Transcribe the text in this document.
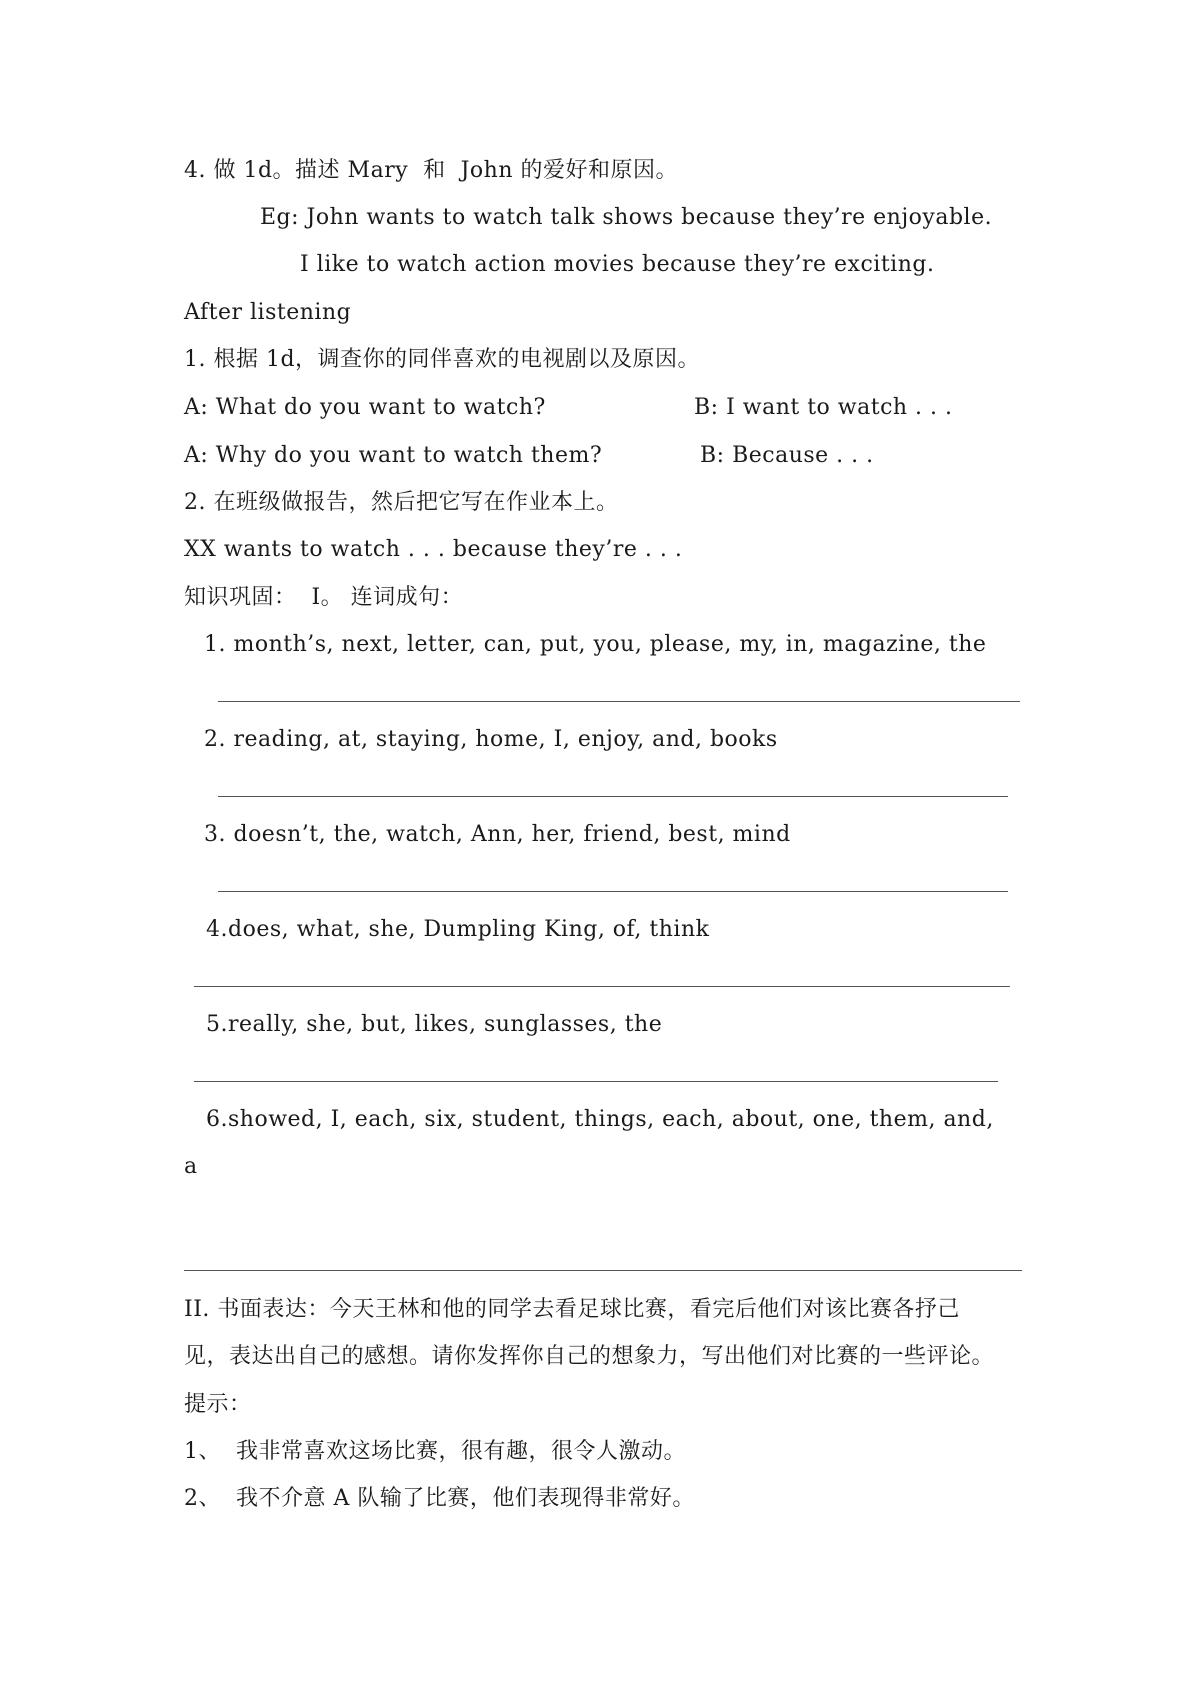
4. 做 1d。描述 Mary  和  John 的爱好和原因。
Eg: John wants to watch talk shows because they’re enjoyable.
I like to watch action movies because they’re exciting.
After listening
1. 根据 1d，调查你的同伴喜欢的电视剧以及原因。
A: What do you want to watch?	B: I want to watch . . .
A: Why do you want to watch them?	B: Because . . .
2. 在班级做报告，然后把它写在作业本上。
XX wants to watch . . . because they’re . . .
知识巩固：  Ⅰ。 连词成句：
1. month’s, next, letter, can, put, you, please, my, in, magazine, the
2. reading, at, staying, home, I, enjoy, and, books
3. doesn’t, the, watch, Ann, her, friend, best, mind
4.does, what, she, Dumpling King, of, think
5.really, she, but, likes, sunglasses, the
6.showed, I, each, six, student, things, each, about, one, them, and,
a
II. 书面表达：今天王林和他的同学去看足球比赛，看完后他们对该比赛各抒己
见，表达出自己的感想。请你发挥你自己的想象力，写出他们对比赛的一些评论。
提示：
1、  我非常喜欢这场比赛，很有趣，很令人激动。
2、  我不介意 A 队输了比赛，他们表现得非常好。
